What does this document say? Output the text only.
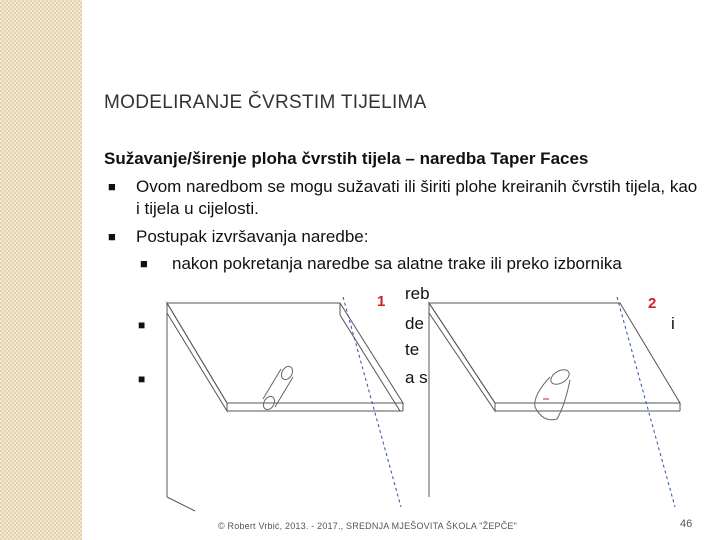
MODELIRANJE ČVRSTIM TIJELIMA
Sužavanje/širenje ploha čvrstih tijela – naredba Taper Faces
■ Ovom naredbom se mogu sužavati ili širiti plohe kreiranih čvrstih tijela, kao i tijela u cijelosti.
■ Postupak izvršavanja naredbe:
■ nakon pokretanja naredbe sa alatne trake ili preko izbornika
reb
de
te
a s
i
■
■
1	2
© Robert Vrbić, 2013. - 2017., SREDNJA MJEŠOVITA ŠKOLA "ŽEPČE"	46
